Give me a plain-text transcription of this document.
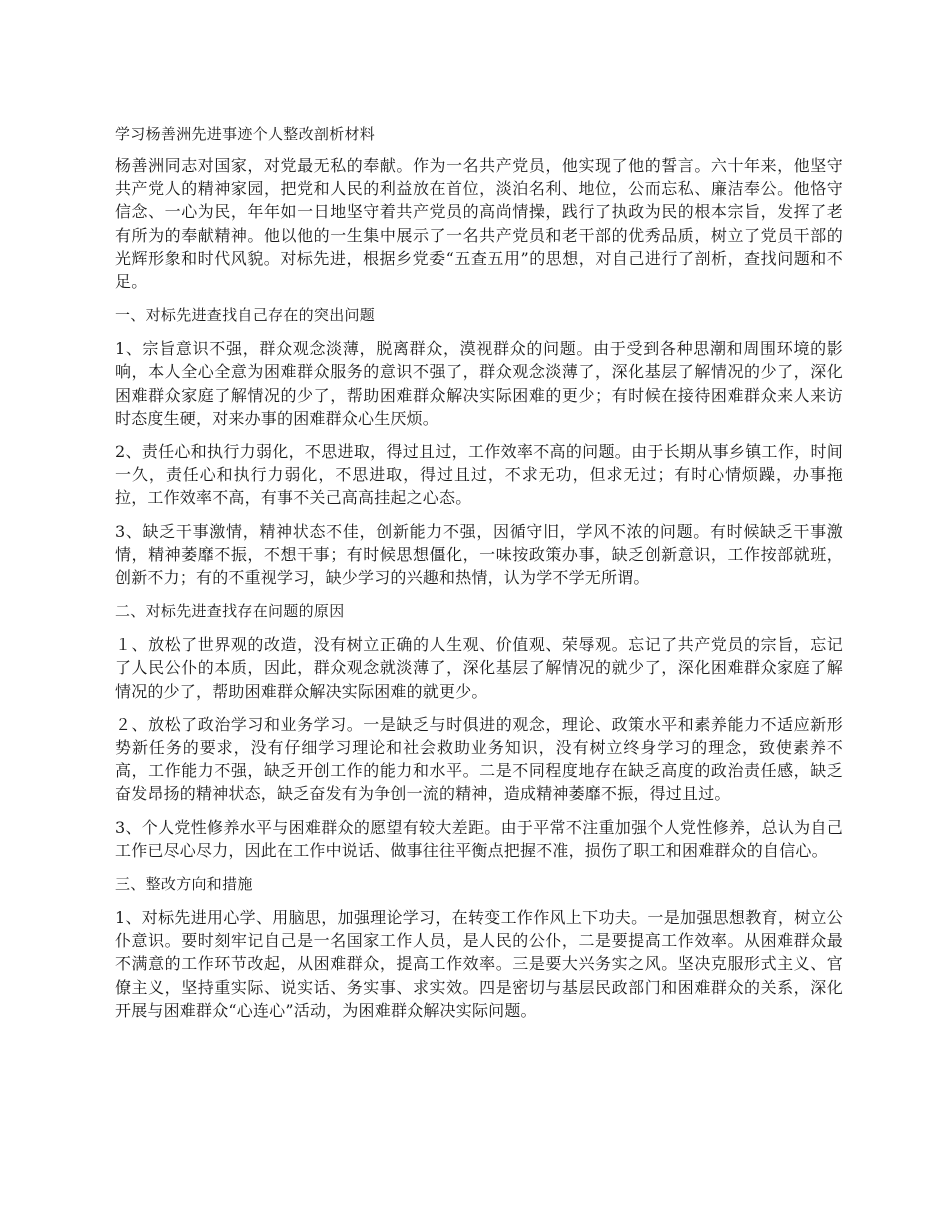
学习杨善洲先进事迹个人整改剖析材料

杨善洲同志对国家，对党最无私的奉献。作为一名共产党员，他实现了他的誓言。六十年来，他坚守共产党人的精神家园，把党和人民的利益放在首位，淡泊名利、地位，公而忘私、廉洁奉公。他恪守信念、一心为民，年年如一日地坚守着共产党员的高尚情操，践行了执政为民的根本宗旨，发挥了老有所为的奉献精神。他以他的一生集中展示了一名共产党员和老干部的优秀品质，树立了党员干部的光辉形象和时代风貌。对标先进，根据乡党委“五查五用”的思想，对自己进行了剖析，查找问题和不足。

一、对标先进查找自己存在的突出问题

1、宗旨意识不强，群众观念淡薄，脱离群众，漠视群众的问题。由于受到各种思潮和周围环境的影响，本人全心全意为困难群众服务的意识不强了，群众观念淡薄了，深化基层了解情况的少了，深化困难群众家庭了解情况的少了，帮助困难群众解决实际困难的更少；有时候在接待困难群众来人来访时态度生硬，对来办事的困难群众心生厌烦。

2、责任心和执行力弱化，不思进取，得过且过，工作效率不高的问题。由于长期从事乡镇工作，时间一久，责任心和执行力弱化，不思进取，得过且过，不求无功，但求无过；有时心情烦躁，办事拖拉，工作效率不高，有事不关己高高挂起之心态。

3、缺乏干事激情，精神状态不佳，创新能力不强，因循守旧，学风不浓的问题。有时候缺乏干事激情，精神萎靡不振，不想干事；有时候思想僵化，一味按政策办事，缺乏创新意识，工作按部就班，创新不力；有的不重视学习，缺少学习的兴趣和热情，认为学不学无所谓。

二、对标先进查找存在问题的原因

１、放松了世界观的改造，没有树立正确的人生观、价值观、荣辱观。忘记了共产党员的宗旨，忘记了人民公仆的本质，因此，群众观念就淡薄了，深化基层了解情况的就少了，深化困难群众家庭了解情况的少了，帮助困难群众解决实际困难的就更少。

２、放松了政治学习和业务学习。一是缺乏与时俱进的观念，理论、政策水平和素养能力不适应新形势新任务的要求，没有仔细学习理论和社会救助业务知识，没有树立终身学习的理念，致使素养不高，工作能力不强，缺乏开创工作的能力和水平。二是不同程度地存在缺乏高度的政治责任感，缺乏奋发昂扬的精神状态，缺乏奋发有为争创一流的精神，造成精神萎靡不振，得过且过。

3、个人党性修养水平与困难群众的愿望有较大差距。由于平常不注重加强个人党性修养，总认为自己工作已尽心尽力，因此在工作中说话、做事往往平衡点把握不准，损伤了职工和困难群众的自信心。

三、整改方向和措施

1、对标先进用心学、用脑思，加强理论学习，在转变工作作风上下功夫。一是加强思想教育，树立公仆意识。要时刻牢记自己是一名国家工作人员，是人民的公仆，二是要提高工作效率。从困难群众最不满意的工作环节改起，从困难群众，提高工作效率。三是要大兴务实之风。坚决克服形式主义、官僚主义，坚持重实际、说实话、务实事、求实效。四是密切与基层民政部门和困难群众的关系，深化开展与困难群众“心连心”活动，为困难群众解决实际问题。
